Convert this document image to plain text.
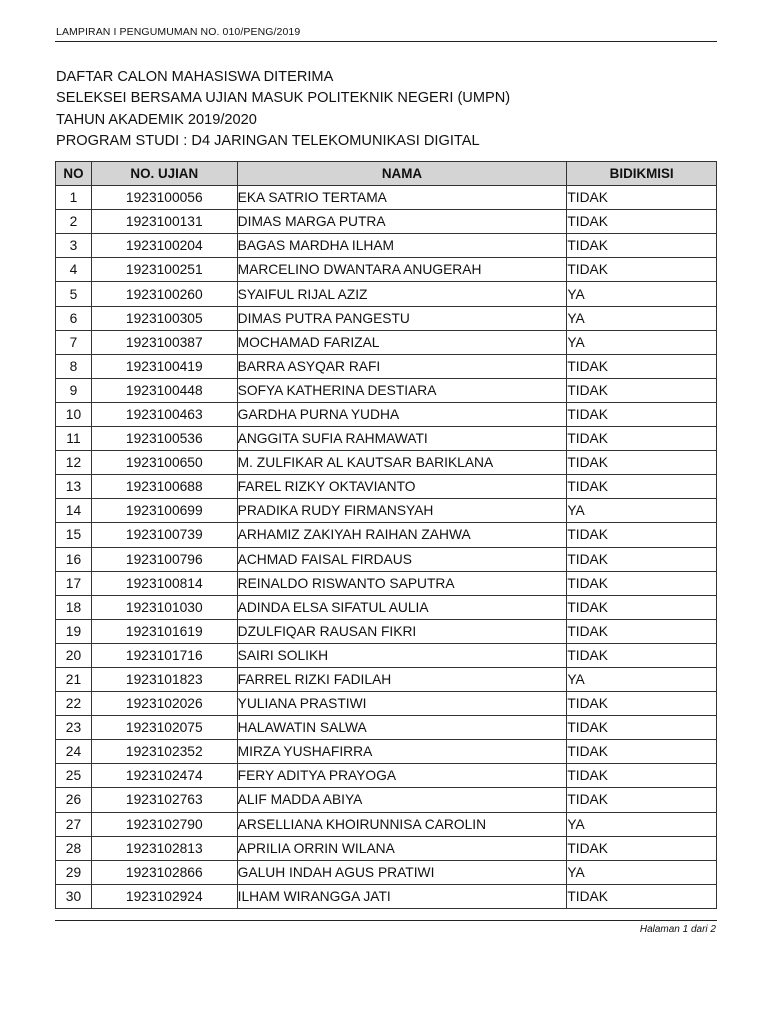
LAMPIRAN I PENGUMUMAN NO. 010/PENG/2019
DAFTAR CALON MAHASISWA DITERIMA
SELEKSEI BERSAMA UJIAN MASUK POLITEKNIK NEGERI (UMPN)
TAHUN AKADEMIK 2019/2020
PROGRAM STUDI : D4 JARINGAN TELEKOMUNIKASI DIGITAL
NO	NO. UJIAN	NAMA	BIDIKMISI
1	1923100056	EKA SATRIO TERTAMA	TIDAK
2	1923100131	DIMAS MARGA PUTRA	TIDAK
3	1923100204	BAGAS MARDHA ILHAM	TIDAK
4	1923100251	MARCELINO DWANTARA ANUGERAH	TIDAK
5	1923100260	SYAIFUL RIJAL AZIZ	YA
6	1923100305	DIMAS PUTRA PANGESTU	YA
7	1923100387	MOCHAMAD FARIZAL	YA
8	1923100419	BARRA ASYQAR RAFI	TIDAK
9	1923100448	SOFYA KATHERINA DESTIARA	TIDAK
10	1923100463	GARDHA PURNA YUDHA	TIDAK
11	1923100536	ANGGITA SUFIA RAHMAWATI	TIDAK
12	1923100650	M. ZULFIKAR AL KAUTSAR BARIKLANA	TIDAK
13	1923100688	FAREL RIZKY OKTAVIANTO	TIDAK
14	1923100699	PRADIKA RUDY FIRMANSYAH	YA
15	1923100739	ARHAMIZ ZAKIYAH RAIHAN ZAHWA	TIDAK
16	1923100796	ACHMAD FAISAL FIRDAUS	TIDAK
17	1923100814	REINALDO RISWANTO SAPUTRA	TIDAK
18	1923101030	ADINDA ELSA SIFATUL AULIA	TIDAK
19	1923101619	DZULFIQAR RAUSAN FIKRI	TIDAK
20	1923101716	SAIRI SOLIKH	TIDAK
21	1923101823	FARREL RIZKI FADILAH	YA
22	1923102026	YULIANA PRASTIWI	TIDAK
23	1923102075	HALAWATIN SALWA	TIDAK
24	1923102352	MIRZA YUSHAFIRRA	TIDAK
25	1923102474	FERY ADITYA PRAYOGA	TIDAK
26	1923102763	ALIF MADDA ABIYA	TIDAK
27	1923102790	ARSELLIANA KHOIRUNNISA CAROLIN	YA
28	1923102813	APRILIA ORRIN WILANA	TIDAK
29	1923102866	GALUH INDAH AGUS PRATIWI	YA
30	1923102924	ILHAM WIRANGGA JATI	TIDAK
Halaman 1 dari 2
